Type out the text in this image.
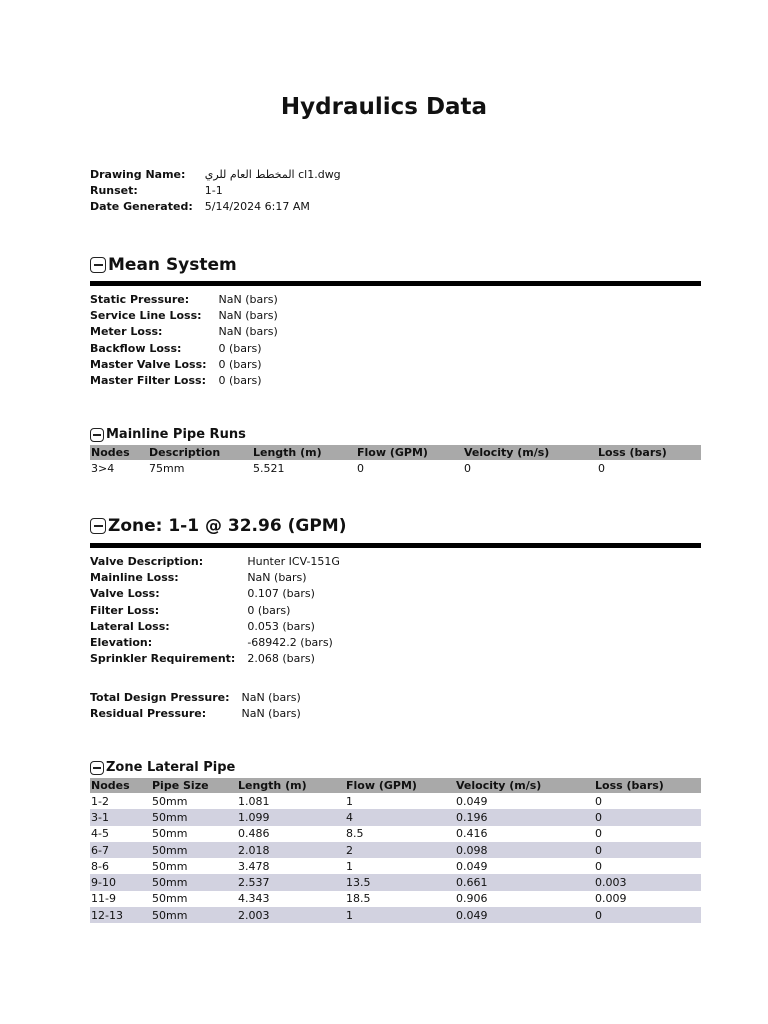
Hydraulics Data
Drawing Name:	المخطط العام للري cl1.dwg
Runset:	1-1
Date Generated:	5/14/2024 6:17 AM
Mean System
Static Pressure:	NaN (bars)
Service Line Loss:	NaN (bars)
Meter Loss:	NaN (bars)
Backflow Loss:	0 (bars)
Master Valve Loss:	0 (bars)
Master Filter Loss:	0 (bars)
Mainline Pipe Runs
Nodes	Description	Length (m)	Flow (GPM)	Velocity (m/s)	Loss (bars)
3>4	75mm	5.521	0	0	0
Zone: 1-1 @ 32.96 (GPM)
Valve Description:	Hunter ICV-151G
Mainline Loss:	NaN (bars)
Valve Loss:	0.107 (bars)
Filter Loss:	0 (bars)
Lateral Loss:	0.053 (bars)
Elevation:	-68942.2 (bars)
Sprinkler Requirement:	2.068 (bars)
Total Design Pressure:	NaN (bars)
Residual Pressure:	NaN (bars)
Zone Lateral Pipe
Nodes	Pipe Size	Length (m)	Flow (GPM)	Velocity (m/s)	Loss (bars)
1-2	50mm	1.081	1	0.049	0
3-1	50mm	1.099	4	0.196	0
4-5	50mm	0.486	8.5	0.416	0
6-7	50mm	2.018	2	0.098	0
8-6	50mm	3.478	1	0.049	0
9-10	50mm	2.537	13.5	0.661	0.003
11-9	50mm	4.343	18.5	0.906	0.009
12-13	50mm	2.003	1	0.049	0
